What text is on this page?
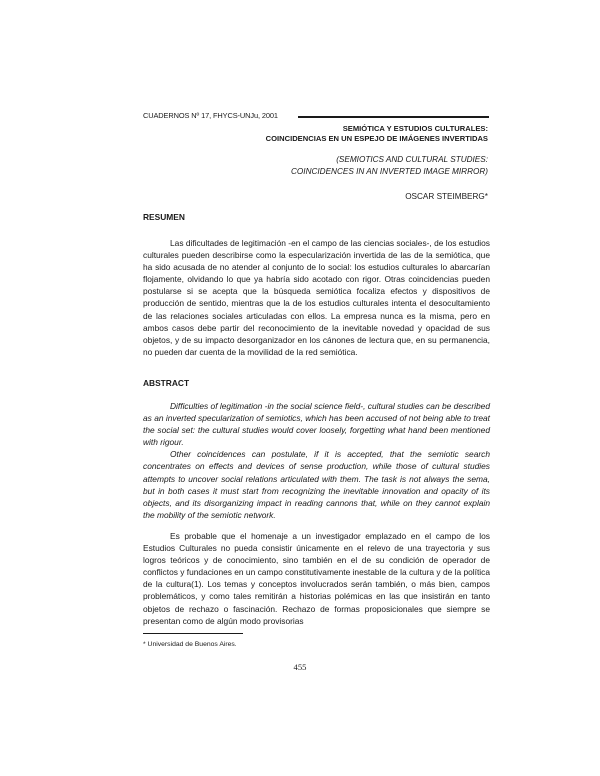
CUADERNOS Nº 17, FHYCS-UNJu, 2001
SEMIÓTICA Y ESTUDIOS CULTURALES:
COINCIDENCIAS EN UN ESPEJO DE IMÁGENES INVERTIDAS
(SEMIOTICS AND CULTURAL STUDIES:
COINCIDENCES IN AN INVERTED IMAGE MIRROR)
OSCAR STEIMBERG*
RESUMEN

Las dificultades de legitimación -en el campo de las ciencias sociales-, de los estudios culturales pueden describirse como la especularización invertida de las de la semiótica, que ha sido acusada de no atender al conjunto de lo social: los estudios culturales lo abarcarían flojamente, olvidando lo que ya habría sido acotado con rigor. Otras coincidencias pueden postularse si se acepta que la búsqueda semiótica focaliza efectos y dispositivos de producción de sentido, mientras que la de los estudios culturales intenta el desocultamiento de las relaciones sociales articuladas con ellos. La empresa nunca es la misma, pero en ambos casos debe partir del reconocimiento de la inevitable novedad y opacidad de sus objetos, y de su impacto desorganizador en los cánones de lectura que, en su permanencia, no pueden dar cuenta de la movilidad de la red semiótica.

ABSTRACT

Difficulties of legitimation -in the social science field-, cultural studies can be described as an inverted specularization of semiotics, which has been accused of not being able to treat the social set: the cultural studies would cover loosely, forgetting what hand been mentioned with rigour.

Other coincidences can postulate, if it is accepted, that the semiotic search concentrates on effects and devices of sense production, while those of cultural studies attempts to uncover social relations articulated with them. The task is not always the sema, but in both cases it must start from recognizing the inevitable innovation and opacity of its objects, and its disorganizing impact in reading cannons that, while on they cannot explain the mobility of the semiotic network.

Es probable que el homenaje a un investigador emplazado en el campo de los Estudios Culturales no pueda consistir únicamente en el relevo de una trayectoria y sus logros teóricos y de conocimiento, sino también en el de su condición de operador de conflictos y fundaciones en un campo constitutivamente inestable de la cultura y de la política de la cultura(1). Los temas y conceptos involucrados serán también, o más bien, campos problemáticos, y como tales remitirán a historias polémicas en las que insistirán en tanto objetos de rechazo o fascinación. Rechazo de formas proposicionales que siempre se presentan como de algún modo provisorias

* Universidad de Buenos Aires.
455
